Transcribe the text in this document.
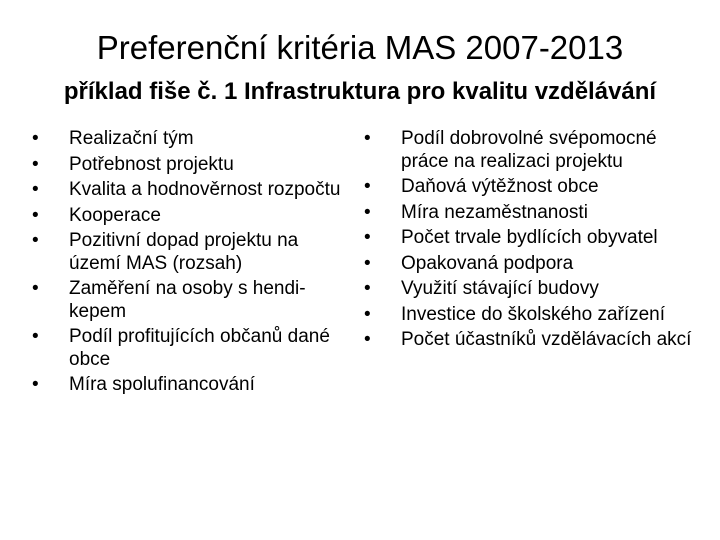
Preferenční kritéria MAS 2007-2013
příklad fiše č. 1 Infrastruktura pro kvalitu vzdělávání
•	Realizační tým
•	Potřebnost projektu
•	Kvalita a hodnověrnost rozpočtu
•	Kooperace
•	Pozitivní dopad projektu na území MAS (rozsah)
•	Zaměření na osoby s hendi-kepem
•	Podíl profitujících občanů dané obce
•	Míra spolufinancování
•	Podíl dobrovolné svépomocné práce na realizaci projektu
•	Daňová výtěžnost obce
•	Míra nezaměstnanosti
•	Počet trvale bydlících obyvatel
•	Opakovaná podpora
•	Využití stávající budovy
•	Investice do školského zařízení
•	Počet účastníků vzdělávacích akcí
